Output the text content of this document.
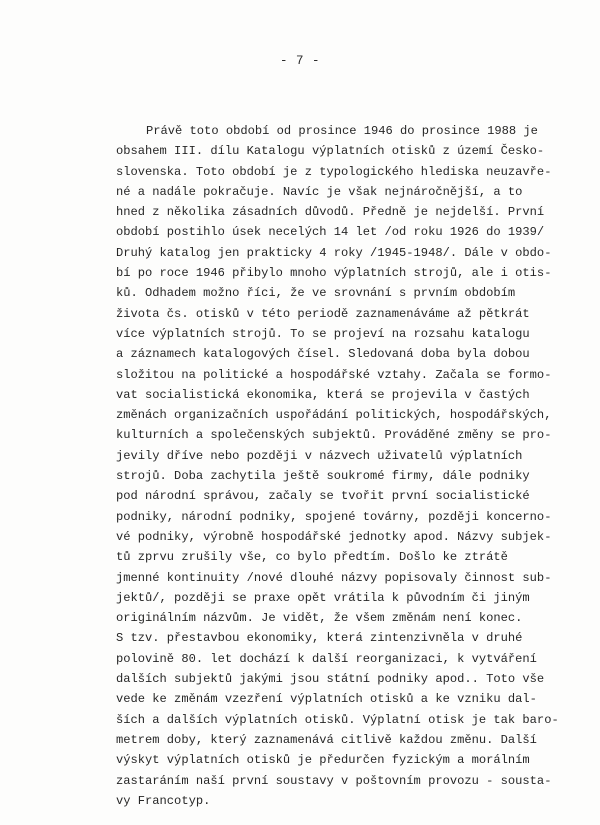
- 7 -
Právě toto období od prosince 1946 do prosince 1988 je
obsahem III. dílu Katalogu výplatních otisků z území Česko-
slovenska. Toto období je z typologického hlediska neuzavře-
né a nadále pokračuje. Navíc je však nejnáročnější, a to
hned z několika zásadních důvodů. Předně je nejdelší. První
období postihlo úsek necelých 14 let /od roku 1926 do 1939/
Druhý katalog jen prakticky 4 roky /1945-1948/. Dále v obdo-
bí po roce 1946 přibylo mnoho výplatních strojů, ale i otis-
ků. Odhadem možno říci, že ve srovnání s prvním obdobím
života čs. otisků v této periodě zaznamenáváme až pětkrát
více výplatních strojů. To se projeví na rozsahu katalogu
a záznamech katalogových čísel. Sledovaná doba byla dobou
složitou na politické a hospodářské vztahy. Začala se formo-
vat socialistická ekonomika, která se projevila v častých
změnách organizačních uspořádání politických, hospodářských,
kulturních a společenských subjektů. Prováděné změny se pro-
jevily dříve nebo později v názvech uživatelů výplatních
strojů. Doba zachytila ještě soukromé firmy, dále podniky
pod národní správou, začaly se tvořit první socialistické
podniky, národní podniky, spojené továrny, později koncerno-
vé podniky, výrobně hospodářské jednotky apod. Názvy subjek-
tů zprvu zrušily vše, co bylo předtím. Došlo ke ztrátě
jmenné kontinuity /nové dlouhé názvy popisovaly činnost sub-
jektů/, později se praxe opět vrátila k původním či jiným
originálním názvům. Je vidět, že všem změnám není konec.
S tzv. přestavbou ekonomiky, která zintenzivněla v druhé
polovině 80. let dochází k další reorganizaci, k vytváření
dalších subjektů jakými jsou státní podniky apod.. Toto vše
vede ke změnám vzezření výplatních otisků a ke vzniku dal-
ších a dalších výplatních otisků. Výplatní otisk je tak baro-
metrem doby, který zaznamenává citlivě každou změnu. Další
výskyt výplatních otisků je předurčen fyzickým a morálním
zastaráním naší první soustavy v poštovním provozu - sousta-
vy Francotyp.
